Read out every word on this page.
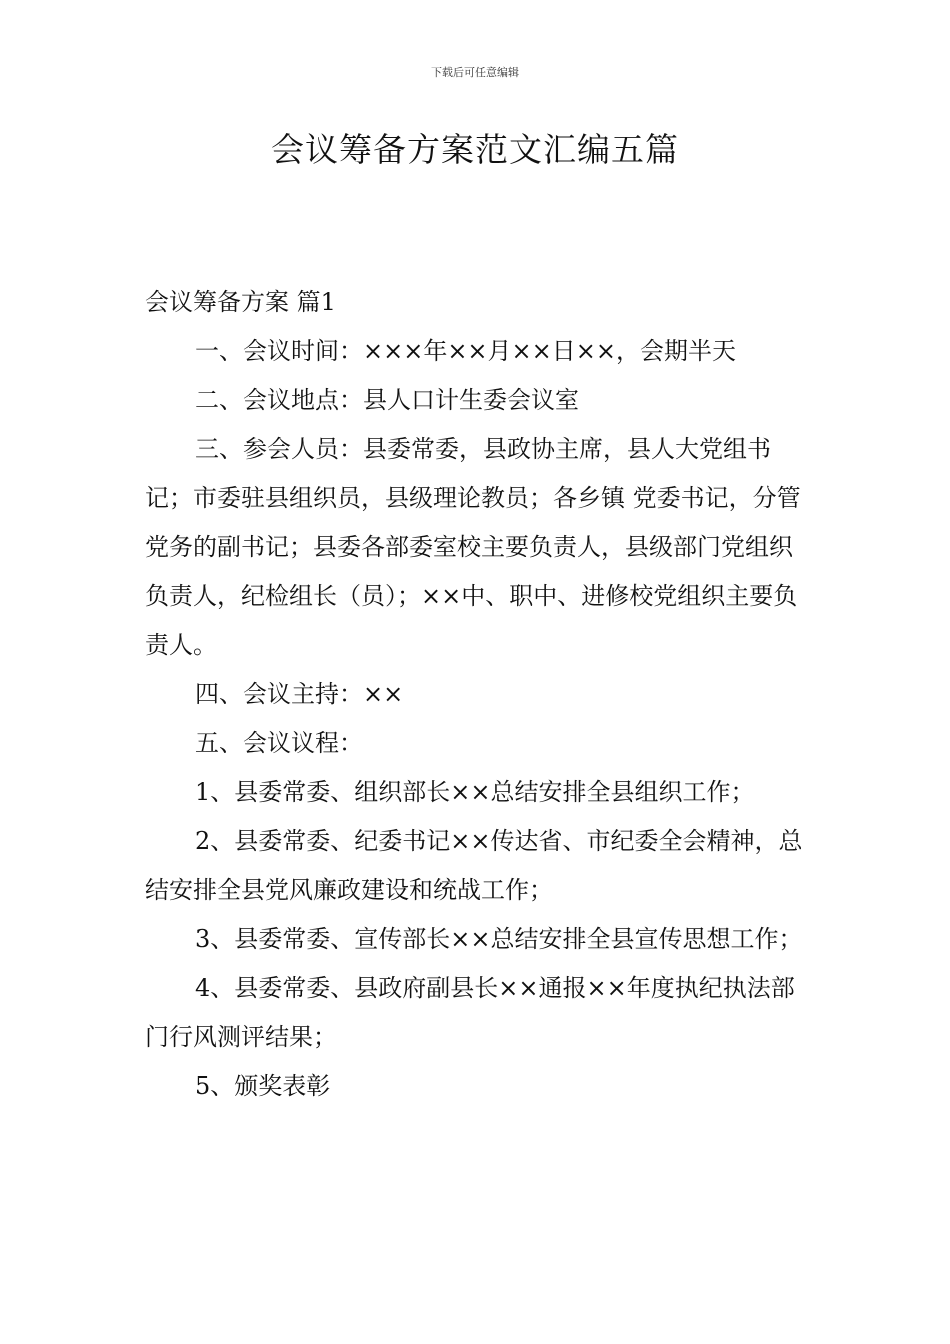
下载后可任意编辑
会议筹备方案范文汇编五篇

会议筹备方案 篇1

一、会议时间：×××年××月××日××，会期半天

二、会议地点：县人口计生委会议室

三、参会人员：县委常委，县政协主席，县人大党组书记；市委驻县组织员，县级理论教员；各乡镇 党委书记，分管党务的副书记；县委各部委室校主要负责人，县级部门党组织负责人，纪检组长（员）；××中、职中、进修校党组织主要负责人。

四、会议主持：××

五、会议议程：

1、县委常委、组织部长××总结安排全县组织工作；

2、县委常委、纪委书记××传达省、市纪委全会精神，总结安排全县党风廉政建设和统战工作；

3、县委常委、宣传部长××总结安排全县宣传思想工作；

4、县委常委、县政府副县长××通报××年度执纪执法部门行风测评结果；

5、颁奖表彰
